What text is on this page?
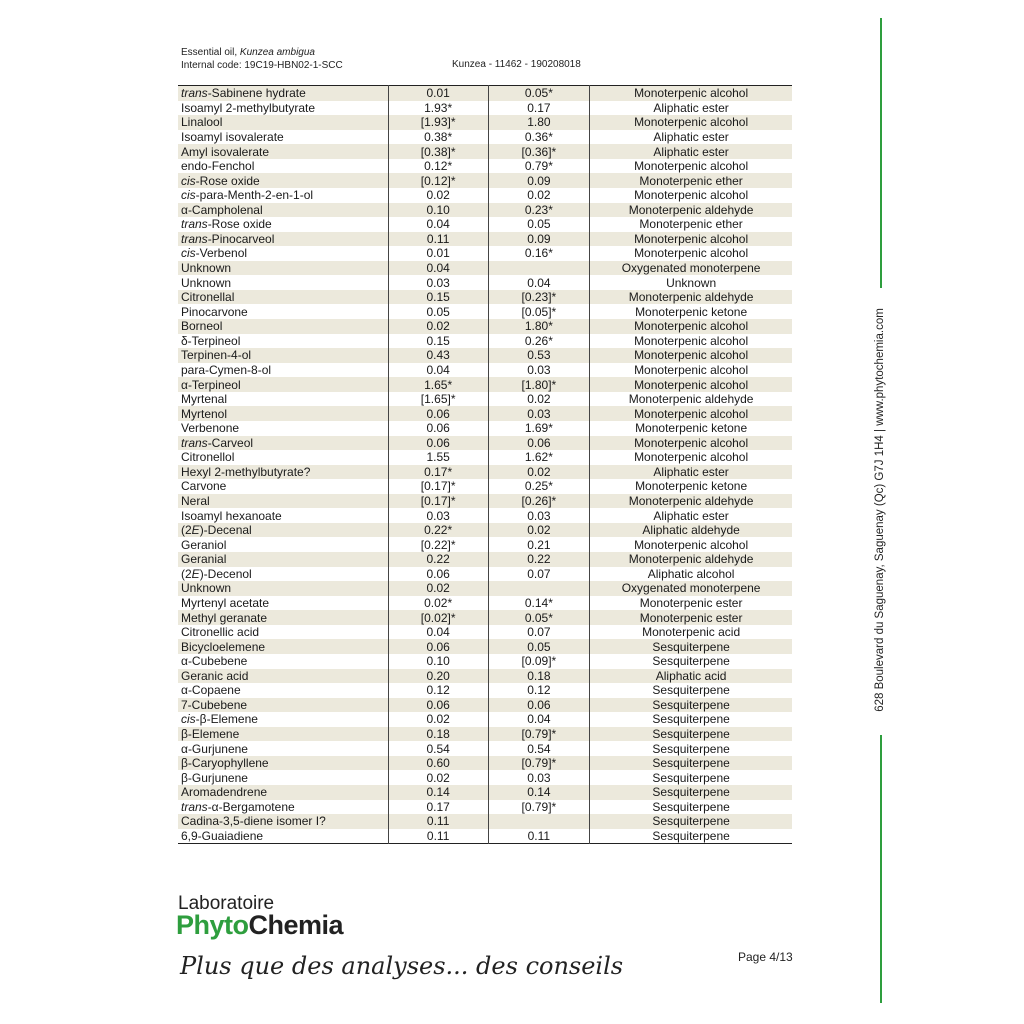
Essential oil, Kunzea ambigua
Internal code: 19C19-HBN02-1-SCC	Kunzea - 11462 - 190208018
trans-Sabinene hydrate	0.01	0.05*	Monoterpenic alcohol
Isoamyl 2-methylbutyrate	1.93*	0.17	Aliphatic ester
Linalool	[1.93]*	1.80	Monoterpenic alcohol
Isoamyl isovalerate	0.38*	0.36*	Aliphatic ester
Amyl isovalerate	[0.38]*	[0.36]*	Aliphatic ester
endo-Fenchol	0.12*	0.79*	Monoterpenic alcohol
cis-Rose oxide	[0.12]*	0.09	Monoterpenic ether
cis-para-Menth-2-en-1-ol	0.02	0.02	Monoterpenic alcohol
α-Campholenal	0.10	0.23*	Monoterpenic aldehyde
trans-Rose oxide	0.04	0.05	Monoterpenic ether
trans-Pinocarveol	0.11	0.09	Monoterpenic alcohol
cis-Verbenol	0.01	0.16*	Monoterpenic alcohol
Unknown	0.04		Oxygenated monoterpene
Unknown	0.03	0.04	Unknown
Citronellal	0.15	[0.23]*	Monoterpenic aldehyde
Pinocarvone	0.05	[0.05]*	Monoterpenic ketone
Borneol	0.02	1.80*	Monoterpenic alcohol
δ-Terpineol	0.15	0.26*	Monoterpenic alcohol
Terpinen-4-ol	0.43	0.53	Monoterpenic alcohol
para-Cymen-8-ol	0.04	0.03	Monoterpenic alcohol
α-Terpineol	1.65*	[1.80]*	Monoterpenic alcohol
Myrtenal	[1.65]*	0.02	Monoterpenic aldehyde
Myrtenol	0.06	0.03	Monoterpenic alcohol
Verbenone	0.06	1.69*	Monoterpenic ketone
trans-Carveol	0.06	0.06	Monoterpenic alcohol
Citronellol	1.55	1.62*	Monoterpenic alcohol
Hexyl 2-methylbutyrate?	0.17*	0.02	Aliphatic ester
Carvone	[0.17]*	0.25*	Monoterpenic ketone
Neral	[0.17]*	[0.26]*	Monoterpenic aldehyde
Isoamyl hexanoate	0.03	0.03	Aliphatic ester
(2E)-Decenal	0.22*	0.02	Aliphatic aldehyde
Geraniol	[0.22]*	0.21	Monoterpenic alcohol
Geranial	0.22	0.22	Monoterpenic aldehyde
(2E)-Decenol	0.06	0.07	Aliphatic alcohol
Unknown	0.02		Oxygenated monoterpene
Myrtenyl acetate	0.02*	0.14*	Monoterpenic ester
Methyl geranate	[0.02]*	0.05*	Monoterpenic ester
Citronellic acid	0.04	0.07	Monoterpenic acid
Bicycloelemene	0.06	0.05	Sesquiterpene
α-Cubebene	0.10	[0.09]*	Sesquiterpene
Geranic acid	0.20	0.18	Aliphatic acid
α-Copaene	0.12	0.12	Sesquiterpene
7-Cubebene	0.06	0.06	Sesquiterpene
cis-β-Elemene	0.02	0.04	Sesquiterpene
β-Elemene	0.18	[0.79]*	Sesquiterpene
α-Gurjunene	0.54	0.54	Sesquiterpene
β-Caryophyllene	0.60	[0.79]*	Sesquiterpene
β-Gurjunene	0.02	0.03	Sesquiterpene
Aromadendrene	0.14	0.14	Sesquiterpene
trans-α-Bergamotene	0.17	[0.79]*	Sesquiterpene
Cadina-3,5-diene isomer I?	0.11		Sesquiterpene
6,9-Guaiadiene	0.11	0.11	Sesquiterpene
Laboratoire
PhytoChemia
Plus que des analyses... des conseils	Page 4/13
628 Boulevard du Saguenay, Saguenay (Qc) G7J 1H4 | www.phytochemia.com
